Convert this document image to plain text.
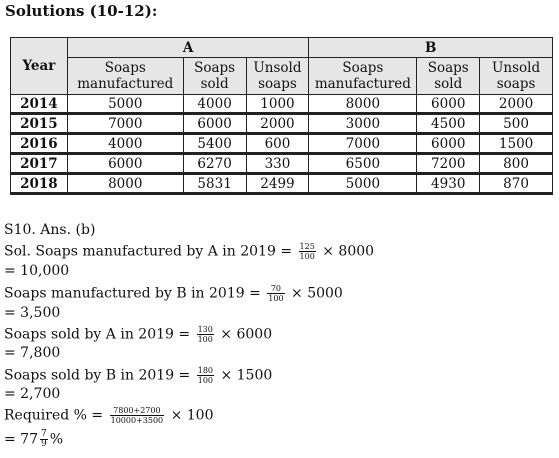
Solutions (10-12):
Year	A			B		
	Soaps manufactured	Soaps sold	Unsold soaps	Soaps manufactured	Soaps sold	Unsold soaps
2014	5000	4000	1000	8000	6000	2000
2015	7000	6000	2000	3000	4500	500
2016	4000	5400	600	7000	6000	1500
2017	6000	6270	330	6500	7200	800
2018	8000	5831	2499	5000	4930	870
S10. Ans. (b)
Sol. Soaps manufactured by A in $2019 = \frac{125}{100} \times 8000$
= 10,000
Soaps manufactured by B in $2019 = \frac{70}{100} \times 5000$
= 3,500
Soaps sold by A in $2019 = \frac{130}{100} \times 6000$
= 7,800
Soaps sold by B in $2019 = \frac{180}{100} \times 1500$
= 2,700
Required % = $\frac{7800+2700}{10000+3500} \times 100$
= $77 \frac{7}{9}$ %
